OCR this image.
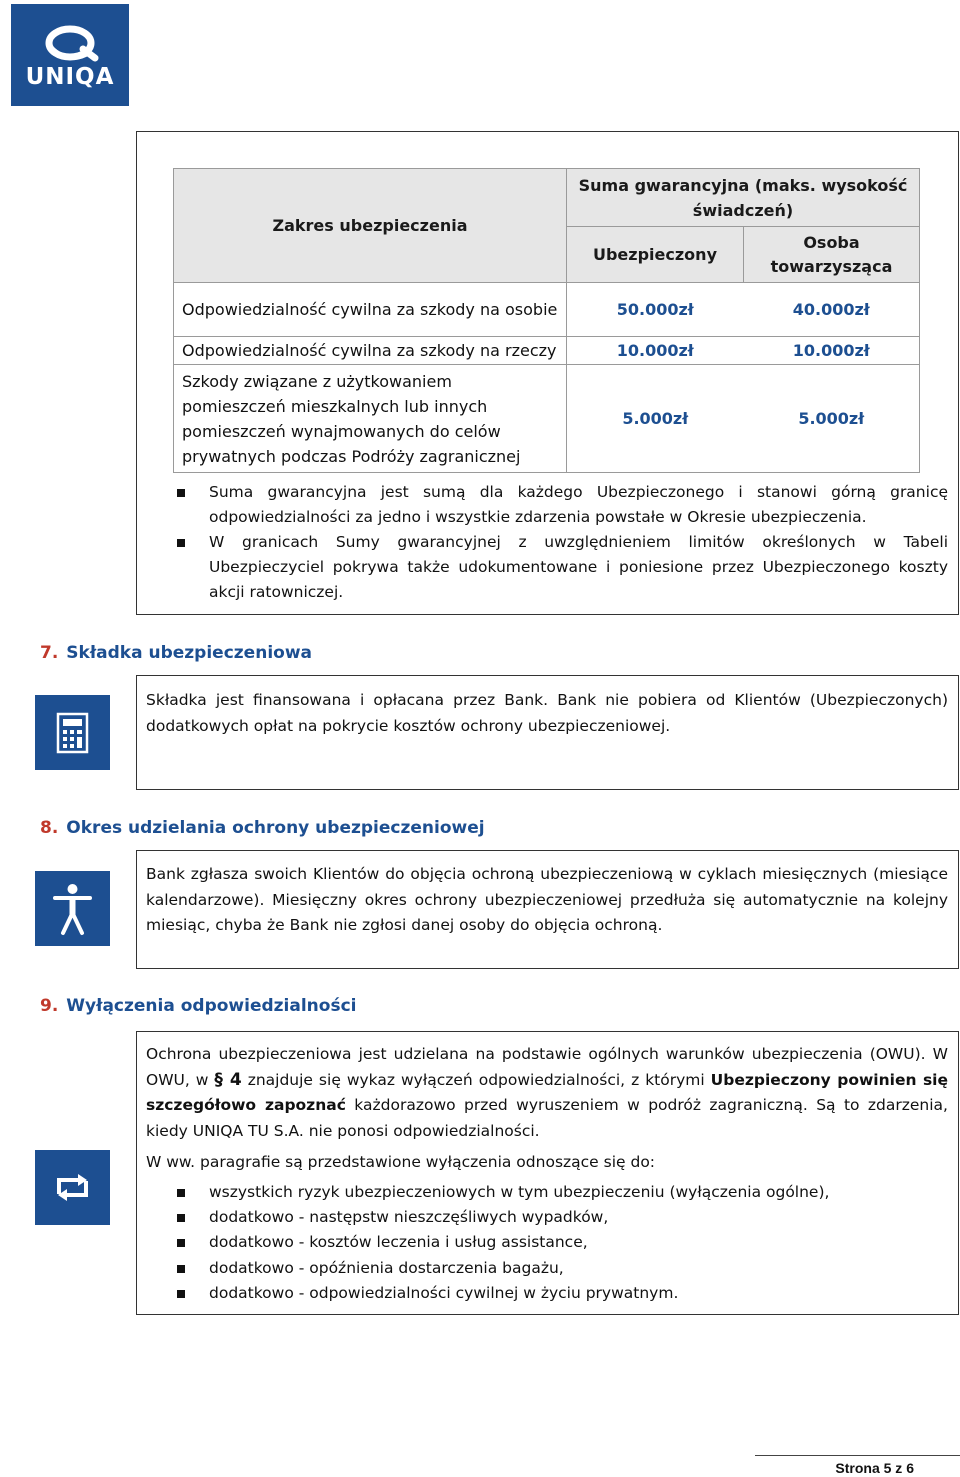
UNIQA
Zakres ubezpieczenia	Suma gwarancyjna (maks. wysokość świadczeń)	
	Ubezpieczony	Osoba towarzysząca
Odpowiedzialność cywilna za szkody na osobie	50.000zł	40.000zł
Odpowiedzialność cywilna za szkody na rzeczy	10.000zł	10.000zł
Szkody związane z użytkowaniem pomieszczeń mieszkalnych lub innych pomieszczeń wynajmowanych do celów prywatnych podczas Podróży zagranicznej	5.000zł	5.000zł
Suma gwarancyjna jest sumą dla każdego Ubezpieczonego i stanowi górną granicę odpowiedzialności za jedno i wszystkie zdarzenia powstałe w Okresie ubezpieczenia.
W granicach Sumy gwarancyjnej z uwzględnieniem limitów określonych w Tabeli Ubezpieczyciel pokrywa także udokumentowane i poniesione przez Ubezpieczonego koszty akcji ratowniczej.
7. Składka ubezpieczeniowa
Składka jest finansowana i opłacana przez Bank. Bank nie pobiera od Klientów (Ubezpieczonych) dodatkowych opłat na pokrycie kosztów ochrony ubezpieczeniowej.
8. Okres udzielania ochrony ubezpieczeniowej
Bank zgłasza swoich Klientów do objęcia ochroną ubezpieczeniową w cyklach miesięcznych (miesiące kalendarzowe). Miesięczny okres ochrony ubezpieczeniowej przedłuża się automatycznie na kolejny miesiąc, chyba że Bank nie zgłosi danej osoby do objęcia ochroną.
9. Wyłączenia odpowiedzialności
Ochrona ubezpieczeniowa jest udzielana na podstawie ogólnych warunków ubezpieczenia (OWU). W OWU, w § 4 znajduje się wykaz wyłączeń odpowiedzialności, z którymi Ubezpieczony powinien się szczegółowo zapoznać każdorazowo przed wyruszeniem w podróż zagraniczną. Są to zdarzenia, kiedy UNIQA TU S.A. nie ponosi odpowiedzialności.
W ww. paragrafie są przedstawione wyłączenia odnoszące się do:
wszystkich ryzyk ubezpieczeniowych w tym ubezpieczeniu (wyłączenia ogólne),
dodatkowo - następstw nieszczęśliwych wypadków,
dodatkowo - kosztów leczenia i usług assistance,
dodatkowo - opóźnienia dostarczenia bagażu,
dodatkowo - odpowiedzialności cywilnej w życiu prywatnym.
Strona 5 z 6
